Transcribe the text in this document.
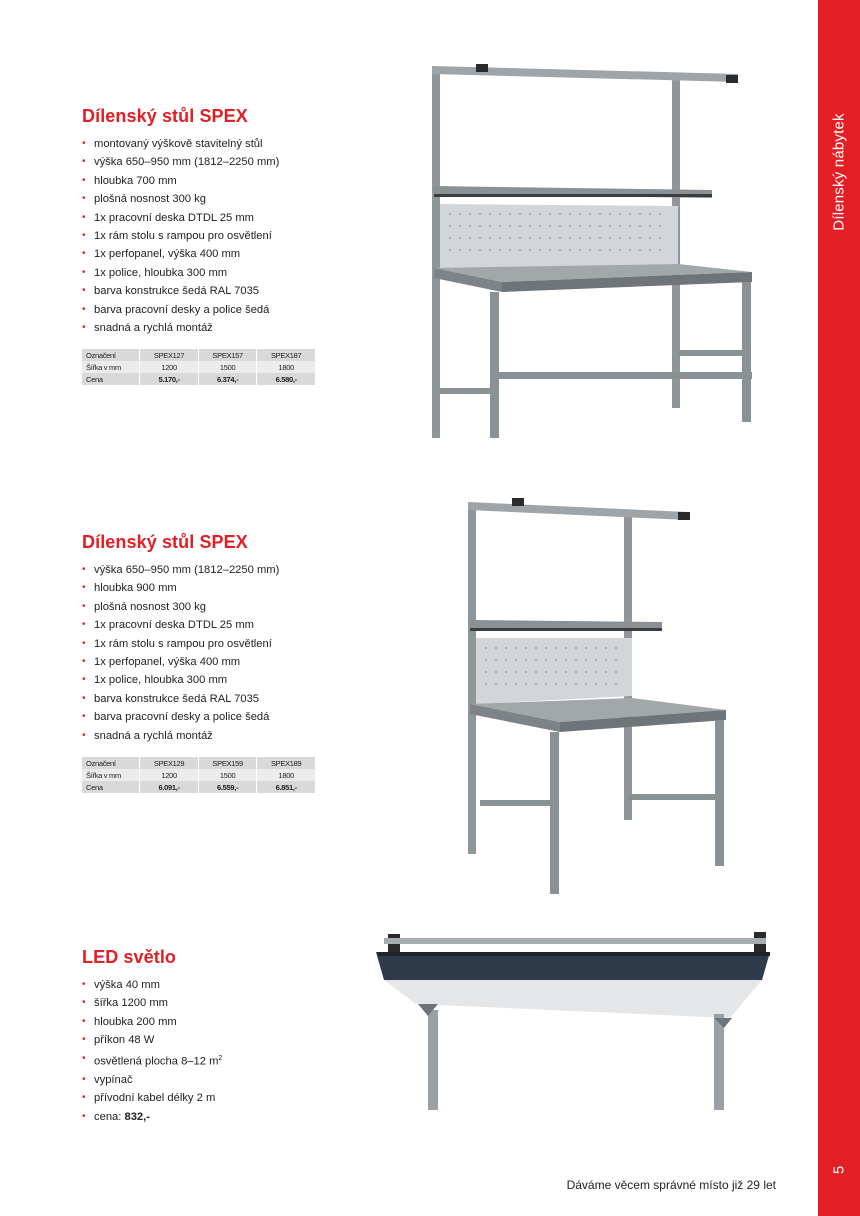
Dílenský nábytek
5
Dílenský stůl SPEX
• montovaný výškově stavitelný stůl
• výška 650–950 mm (1812–2250 mm)
• hloubka 700 mm
• plošná nosnost 300 kg
• 1x pracovní deska DTDL 25 mm
• 1x rám stolu s rampou pro osvětlení
• 1x perfopanel, výška 400 mm
• 1x police, hloubka 300 mm
• barva konstrukce šedá RAL 7035
• barva pracovní desky a police šedá
• snadná a rychlá montáž
Označení	SPEX127	SPEX157	SPEX187
Šířka v mm	1200	1500	1800
Cena	5.170,-	6.374,-	6.580,-
Dílenský stůl SPEX
• výška 650–950 mm (1812–2250 mm)
• hloubka 900 mm
• plošná nosnost 300 kg
• 1x pracovní deska DTDL 25 mm
• 1x rám stolu s rampou pro osvětlení
• 1x perfopanel, výška 400 mm
• 1x police, hloubka 300 mm
• barva konstrukce šedá RAL 7035
• barva pracovní desky a police šedá
• snadná a rychlá montáž
Označení	SPEX129	SPEX159	SPEX189
Šířka v mm	1200	1500	1800
Cena	6.091,-	6.559,-	6.851,-
LED světlo
• výška 40 mm
• šířka 1200 mm
• hloubka 200 mm
• příkon 48 W
• osvětlená plocha 8–12 $m^2$
• vypínač
• přívodní kabel délky 2 m
• cena: 832,-
Dáváme věcem správné místo již 29 let
